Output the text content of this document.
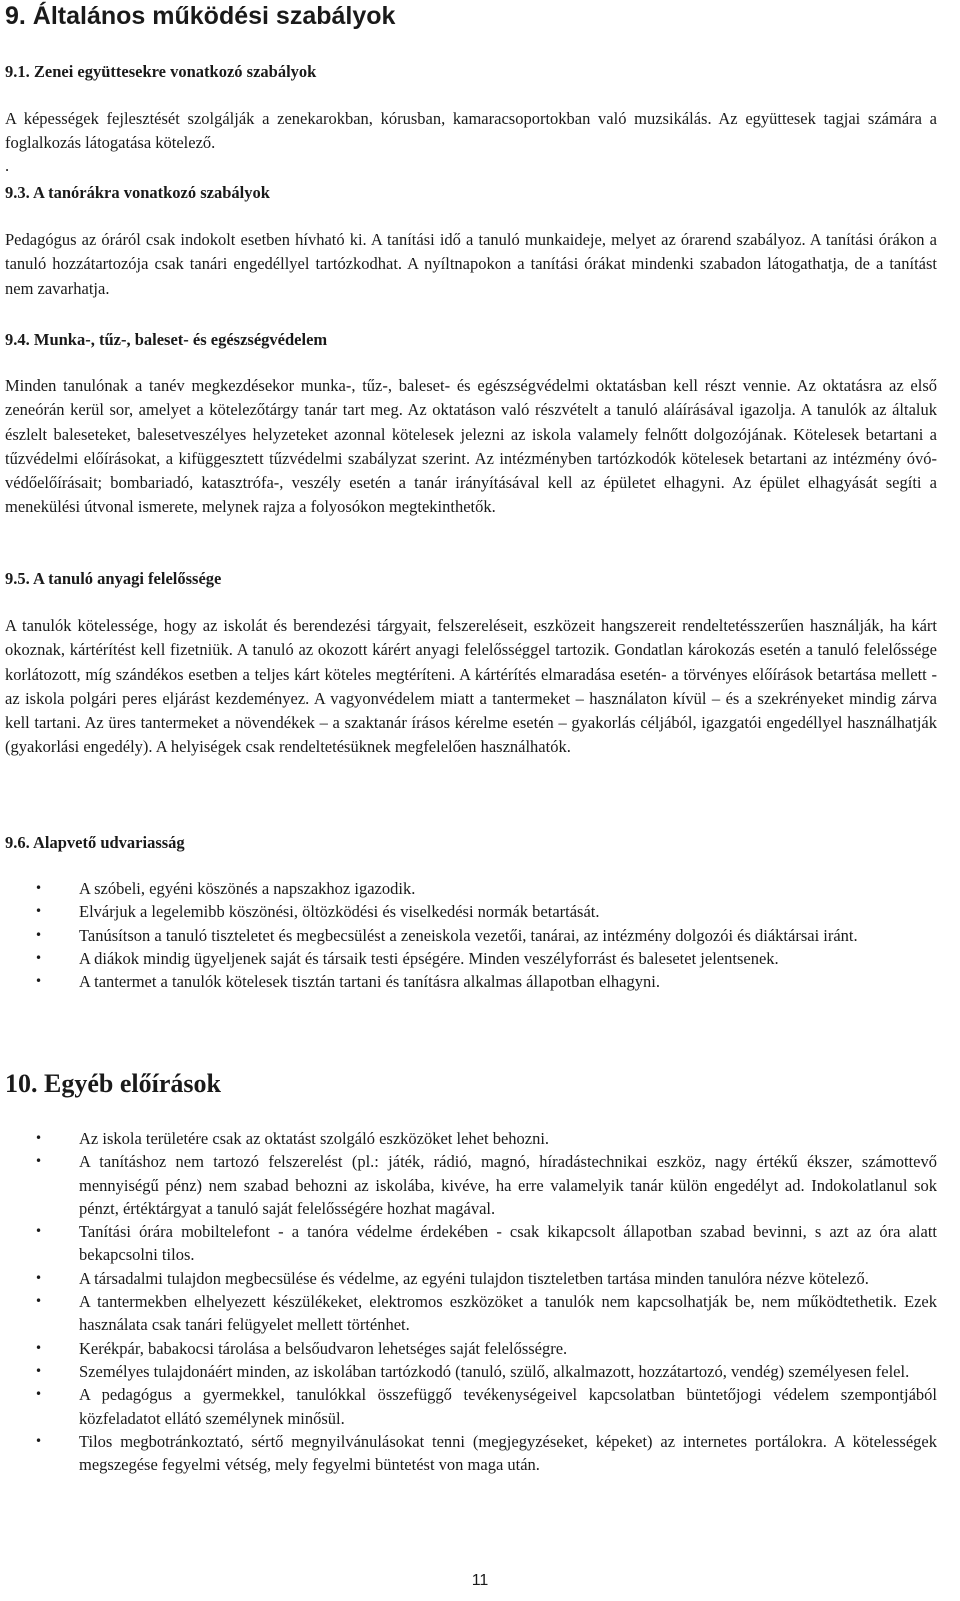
9. Általános működési szabályok
9.1. Zenei együttesekre vonatkozó szabályok

A képességek fejlesztését szolgálják a zenekarokban, kórusban, kamaracsoportokban való muzsikálás. Az együttesek tagjai számára a foglalkozás látogatása kötelező.

.
9.3. A tanórákra vonatkozó szabályok

Pedagógus az óráról csak indokolt esetben hívható ki. A tanítási idő a tanuló munkaideje, melyet az órarend szabályoz. A tanítási órákon a tanuló hozzátartozója csak tanári engedéllyel tartózkodhat. A nyíltnapokon a tanítási órákat mindenki szabadon látogathatja, de a tanítást nem zavarhatja.

9.4. Munka-, tűz-, baleset- és egészségvédelem

Minden tanulónak a tanév megkezdésekor munka-, tűz-, baleset- és egészségvédelmi oktatásban kell részt vennie. Az oktatásra az első zeneórán kerül sor, amelyet a kötelezőtárgy tanár tart meg. Az oktatáson való részvételt a tanuló aláírásával igazolja. A tanulók az általuk észlelt baleseteket, balesetveszélyes helyzeteket azonnal kötelesek jelezni az iskola valamely felnőtt dolgozójának. Kötelesek betartani a tűzvédelmi előírásokat, a kifüggesztett tűzvédelmi szabályzat szerint. Az intézményben tartózkodók kötelesek betartani az intézmény óvó-védőelőírásait; bombariadó, katasztrófa-, veszély esetén a tanár irányításával kell az épületet elhagyni. Az épület elhagyását segíti a menekülési útvonal ismerete, melynek rajza a folyosókon megtekinthetők.

9.5. A tanuló anyagi felelőssége

A tanulók kötelessége, hogy az iskolát és berendezési tárgyait, felszereléseit, eszközeit hangszereit rendeltetésszerűen használják, ha kárt okoznak, kártérítést kell fizetniük. A tanuló az okozott kárért anyagi felelősséggel tartozik. Gondatlan károkozás esetén a tanuló felelőssége korlátozott, míg szándékos esetben a teljes kárt köteles megtéríteni. A kártérítés elmaradása esetén- a törvényes előírások betartása mellett - az iskola polgári peres eljárást kezdeményez. A vagyonvédelem miatt a tantermeket – használaton kívül – és a szekrényeket mindig zárva kell tartani. Az üres tantermeket a növendékek – a szaktanár írásos kérelme esetén – gyakorlás céljából, igazgatói engedéllyel használhatják (gyakorlási engedély). A helyiségek csak rendeltetésüknek megfelelően használhatók.

9.6. Alapvető udvariasság
• A szóbeli, egyéni köszönés a napszakhoz igazodik.
• Elvárjuk a legelemibb köszönési, öltözködési és viselkedési normák betartását.
• Tanúsítson a tanuló tiszteletet és megbecsülést a zeneiskola vezetői, tanárai, az intézmény dolgozói és diáktársai iránt.
• A diákok mindig ügyeljenek saját és társaik testi épségére. Minden veszélyforrást és balesetet jelentsenek.
• A tantermet a tanulók kötelesek tisztán tartani és tanításra alkalmas állapotban elhagyni.
10. Egyéb előírások
• Az iskola területére csak az oktatást szolgáló eszközöket lehet behozni.
• A tanításhoz nem tartozó felszerelést (pl.: játék, rádió, magnó, híradástechnikai eszköz, nagy értékű ékszer, számottevő mennyiségű pénz) nem szabad behozni az iskolába, kivéve, ha erre valamelyik tanár külön engedélyt ad. Indokolatlanul sok pénzt, értéktárgyat a tanuló saját felelősségére hozhat magával.
• Tanítási órára mobiltelefont - a tanóra védelme érdekében - csak kikapcsolt állapotban szabad bevinni, s azt az óra alatt bekapcsolni tilos.
• A társadalmi tulajdon megbecsülése és védelme, az egyéni tulajdon tiszteletben tartása minden tanulóra nézve kötelező.
• A tantermekben elhelyezett készülékeket, elektromos eszközöket a tanulók nem kapcsolhatják be, nem működtethetik. Ezek használata csak tanári felügyelet mellett történhet.
• Kerékpár, babakocsi tárolása a belsőudvaron lehetséges saját felelősségre.
• Személyes tulajdonáért minden, az iskolában tartózkodó (tanuló, szülő, alkalmazott, hozzátartozó, vendég) személyesen felel.
• A pedagógus a gyermekkel, tanulókkal összefüggő tevékenységeivel kapcsolatban büntetőjogi védelem szempontjából közfeladatot ellátó személynek minősül.
• Tilos megbotránkoztató, sértő megnyilvánulásokat tenni (megjegyzéseket, képeket) az internetes portálokra. A kötelességek megszegése fegyelmi vétség, mely fegyelmi büntetést von maga után.
11
